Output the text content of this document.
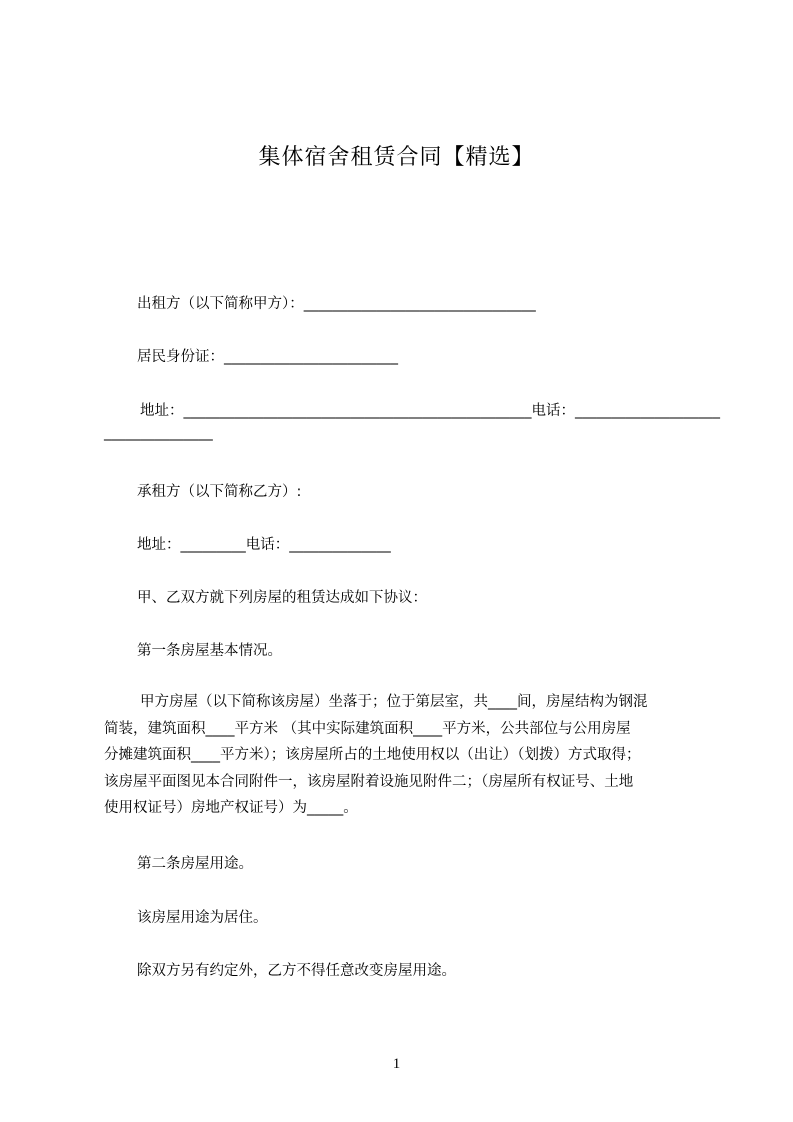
集体宿舍租赁合同【精选】
出租方（以下简称甲方）：________________________________
居民身份证：________________________
地址：________________________________________________电话：____________________
_______________
承租方（以下简称乙方）:
地址：_________电话：______________
甲、乙双方就下列房屋的租赁达成如下协议：
第一条房屋基本情况。
甲方房屋（以下简称该房屋）坐落于；位于第层室，共____间，房屋结构为钢混
简装，建筑面积____平方米 （其中实际建筑面积____平方米，公共部位与公用房屋
分摊建筑面积____平方米）；该房屋所占的土地使用权以（出让）（划拨）方式取得；
该房屋平面图见本合同附件一，该房屋附着设施见附件二；（房屋所有权证号、土地
使用权证号）房地产权证号）为_____。
第二条房屋用途。
该房屋用途为居住。
除双方另有约定外，乙方不得任意改变房屋用途。
1
